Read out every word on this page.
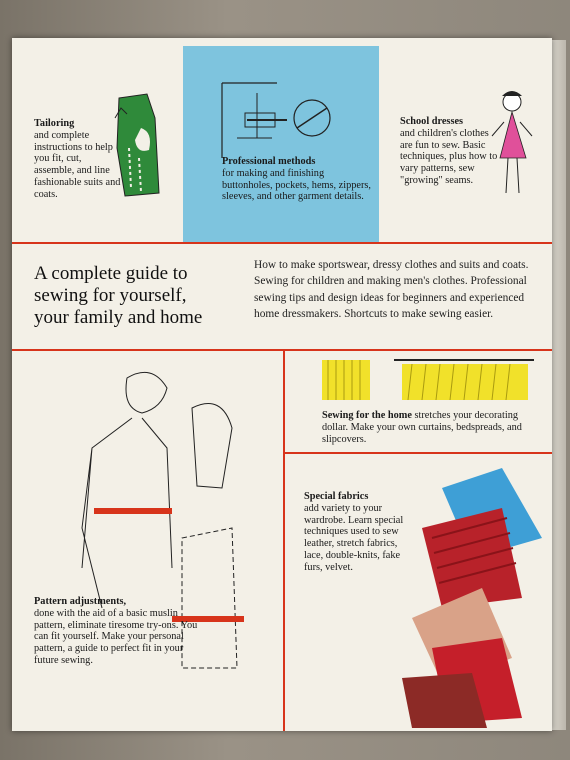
Tailoring
and complete instructions to help you fit, cut, assemble, and line fashionable suits and coats.
Professional methods
for making and finishing buttonholes, pockets, hems, zippers, sleeves, and other garment details.
School dresses
and children's clothes are fun to sew. Basic techniques, plus how to vary patterns, sew "growing" seams.
A complete guide to
sewing for yourself,
your family and home
How to make sportswear, dressy clothes and suits and coats. Sewing for children and making men's clothes. Professional sewing tips and design ideas for beginners and experienced home dressmakers. Shortcuts to make sewing easier.
Sewing for the home stretches your decorating dollar. Make your own curtains, bedspreads, and slipcovers.
Special fabrics
add variety to your wardrobe. Learn special techniques used to sew leather, stretch fabrics, lace, double-knits, fake furs, velvet.
Pattern adjustments,
done with the aid of a basic muslin pattern, eliminate tiresome try-ons. You can fit yourself. Make your personal pattern, a guide to perfect fit in your future sewing.
